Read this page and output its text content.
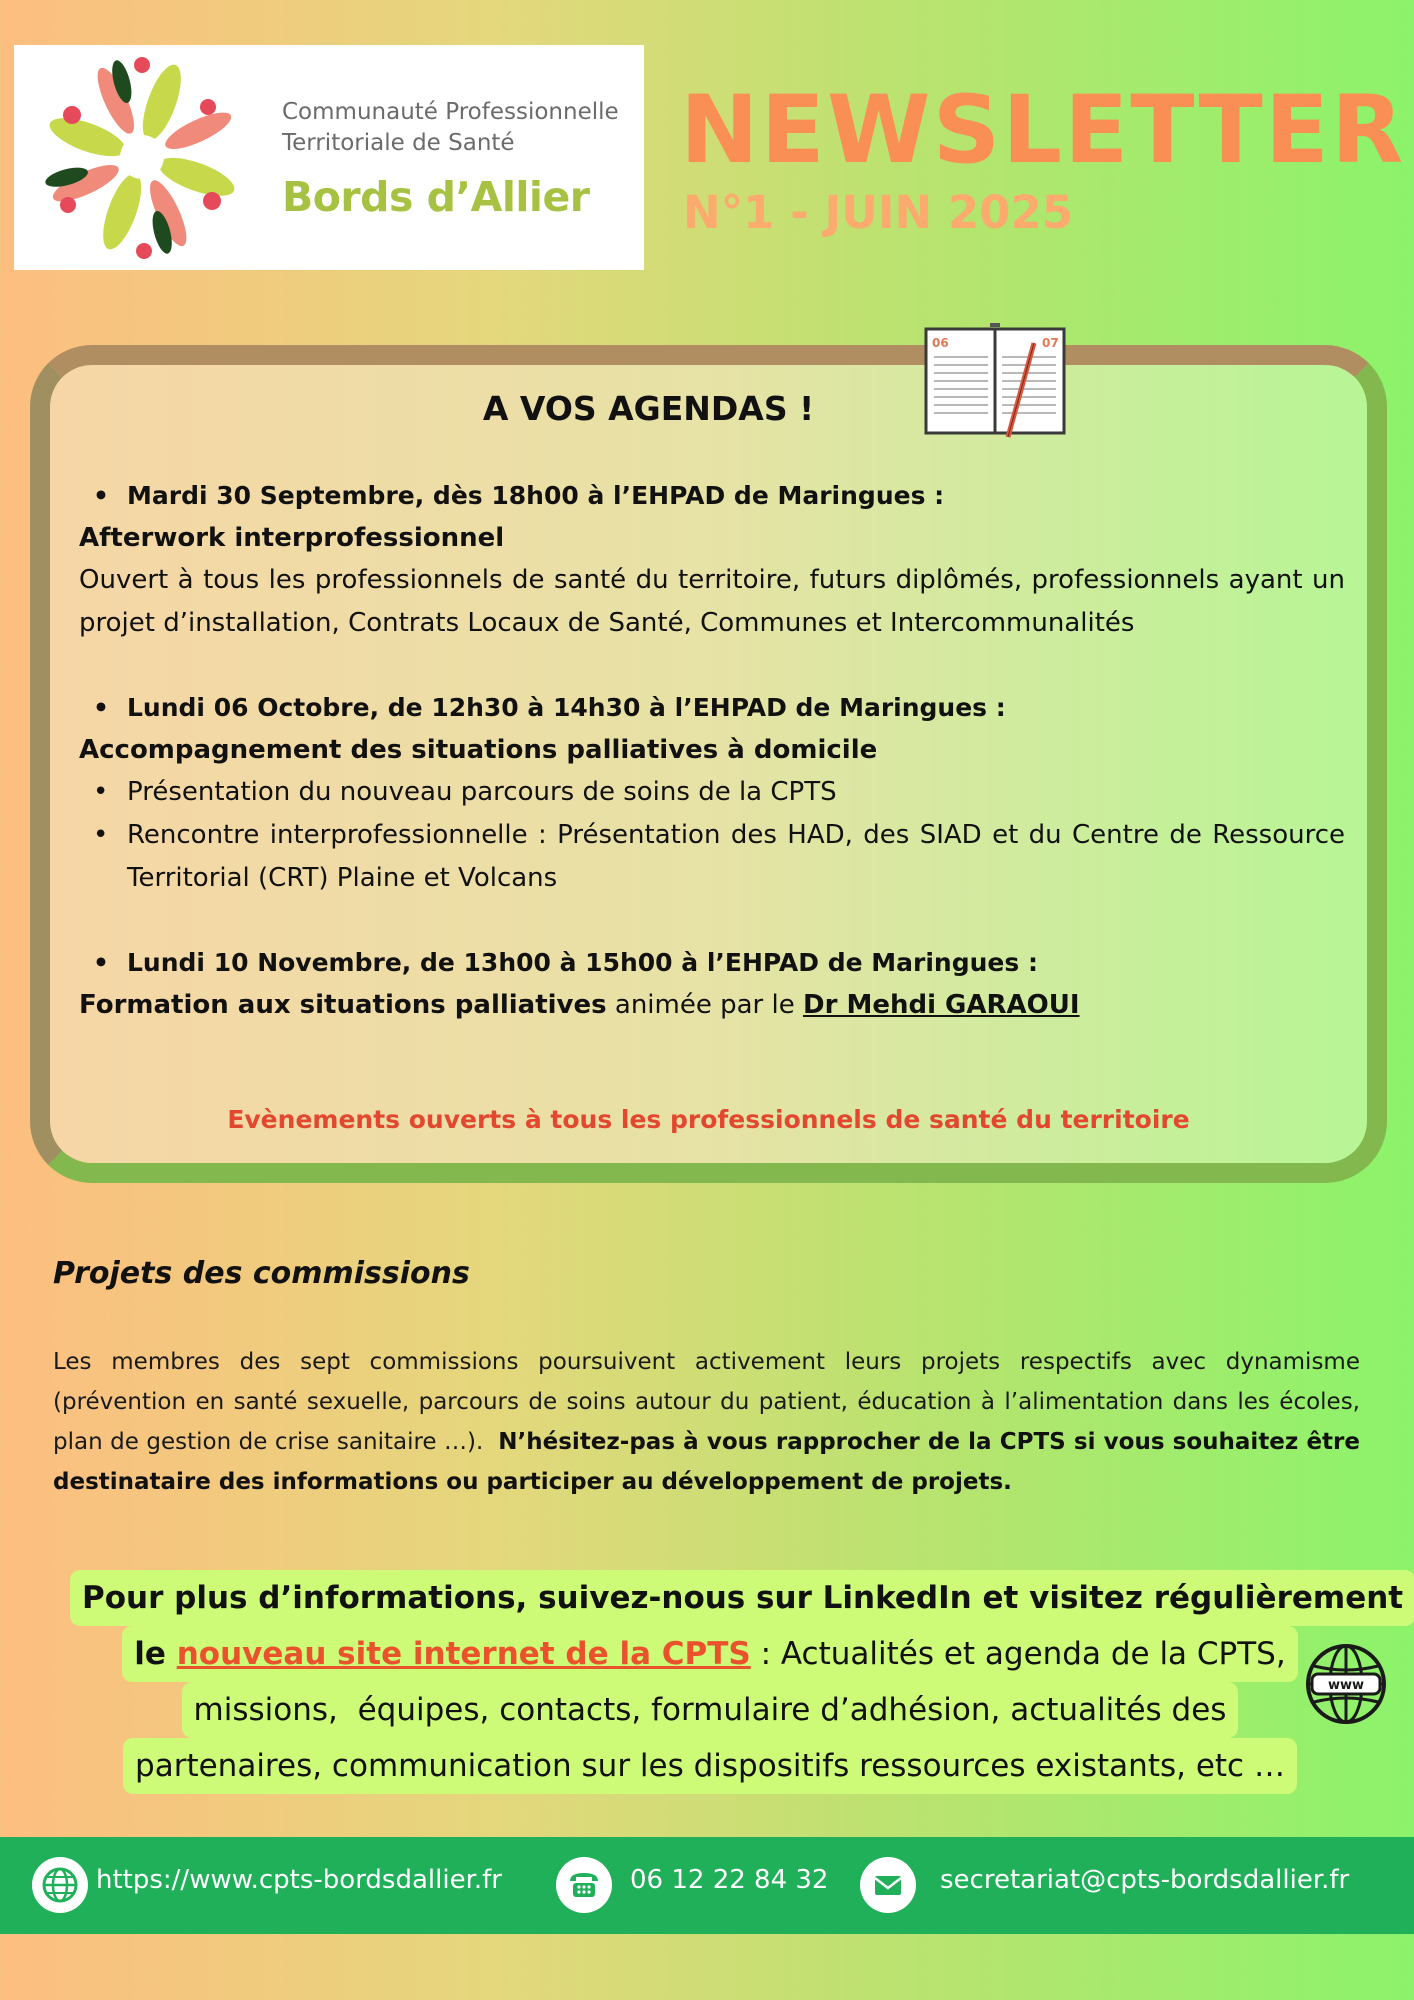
Communauté Professionnelle
Territoriale de Santé
Bords d’Allier
NEWSLETTER
N°1 - JUIN 2025
A VOS AGENDAS !
06	07
• Mardi 30 Septembre, dès 18h00 à l’EHPAD de Maringues :
Afterwork interprofessionnel
Ouvert à tous les professionnels de santé du territoire, futurs diplômés, professionnels ayant un projet d’installation, Contrats Locaux de Santé, Communes et Intercommunalités
• Lundi 06 Octobre, de 12h30 à 14h30 à l’EHPAD de Maringues :
Accompagnement des situations palliatives à domicile
• Présentation du nouveau parcours de soins de la CPTS
• Rencontre interprofessionnelle : Présentation des HAD, des SIAD et du Centre de Ressource Territorial (CRT) Plaine et Volcans
• Lundi 10 Novembre, de 13h00 à 15h00 à l’EHPAD de Maringues :
Formation aux situations palliatives animée par le Dr Mehdi GARAOUI
Evènements ouverts à tous les professionnels de santé du territoire
Projets des commissions
Les membres des sept commissions poursuivent activement leurs projets respectifs avec dynamisme (prévention en santé sexuelle, parcours de soins autour du patient, éducation à l’alimentation dans les écoles, plan de gestion de crise sanitaire …).  N’hésitez-pas à vous rapprocher de la CPTS si vous souhaitez être destinataire des informations ou participer au développement de projets.
Pour plus d’informations, suivez-nous sur LinkedIn et visitez régulièrement
le nouveau site internet de la CPTS : Actualités et agenda de la CPTS,
missions,  équipes, contacts, formulaire d’adhésion, actualités des
partenaires, communication sur les dispositifs ressources existants, etc …
www
https://www.cpts-bordsdallier.fr	06 12 22 84 32	secretariat@cpts-bordsdallier.fr
